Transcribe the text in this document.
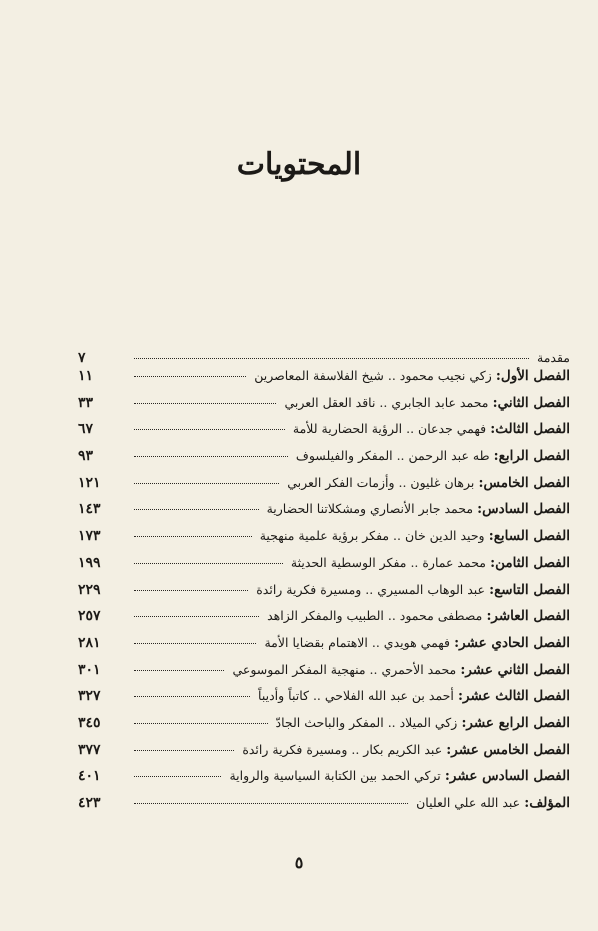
المحتويات
مقدمة
٧
الفصل الأول: زكي نجيب محمود .. شيخ الفلاسفة المعاصرين
١١
الفصل الثاني: محمد عابد الجابري .. ناقد العقل العربي
٣٣
الفصل الثالث: فهمي جدعان .. الرؤية الحضارية للأمة
٦٧
الفصل الرابع: طه عبد الرحمن .. المفكر والفيلسوف
٩٣
الفصل الخامس: برهان غليون .. وأزمات الفكر العربي
١٢١
الفصل السادس: محمد جابر الأنصاري ومشكلاتنا الحضارية
١٤٣
الفصل السابع: وحيد الدين خان .. مفكر برؤية علمية منهجية
١٧٣
الفصل الثامن: محمد عمارة .. مفكر الوسطية الحديثة
١٩٩
الفصل التاسع: عبد الوهاب المسيري .. ومسيرة فكرية رائدة
٢٢٩
الفصل العاشر: مصطفى محمود .. الطبيب والمفكر الزاهد
٢٥٧
الفصل الحادي عشر: فهمي هويدي .. الاهتمام بقضايا الأمة
٢٨١
الفصل الثاني عشر: محمد الأحمري .. منهجية المفكر الموسوعي
٣٠١
الفصل الثالث عشر: أحمد بن عبد الله الفلاحي .. كاتباً وأديباً
٣٢٧
الفصل الرابع عشر: زكي الميلاد .. المفكر والباحث الجادّ
٣٤٥
الفصل الخامس عشر: عبد الكريم بكار .. ومسيرة فكرية رائدة
٣٧٧
الفصل السادس عشر: تركي الحمد بين الكتابة السياسية والرواية
٤٠١
المؤلف: عبد الله علي العليان
٤٢٣
٥
